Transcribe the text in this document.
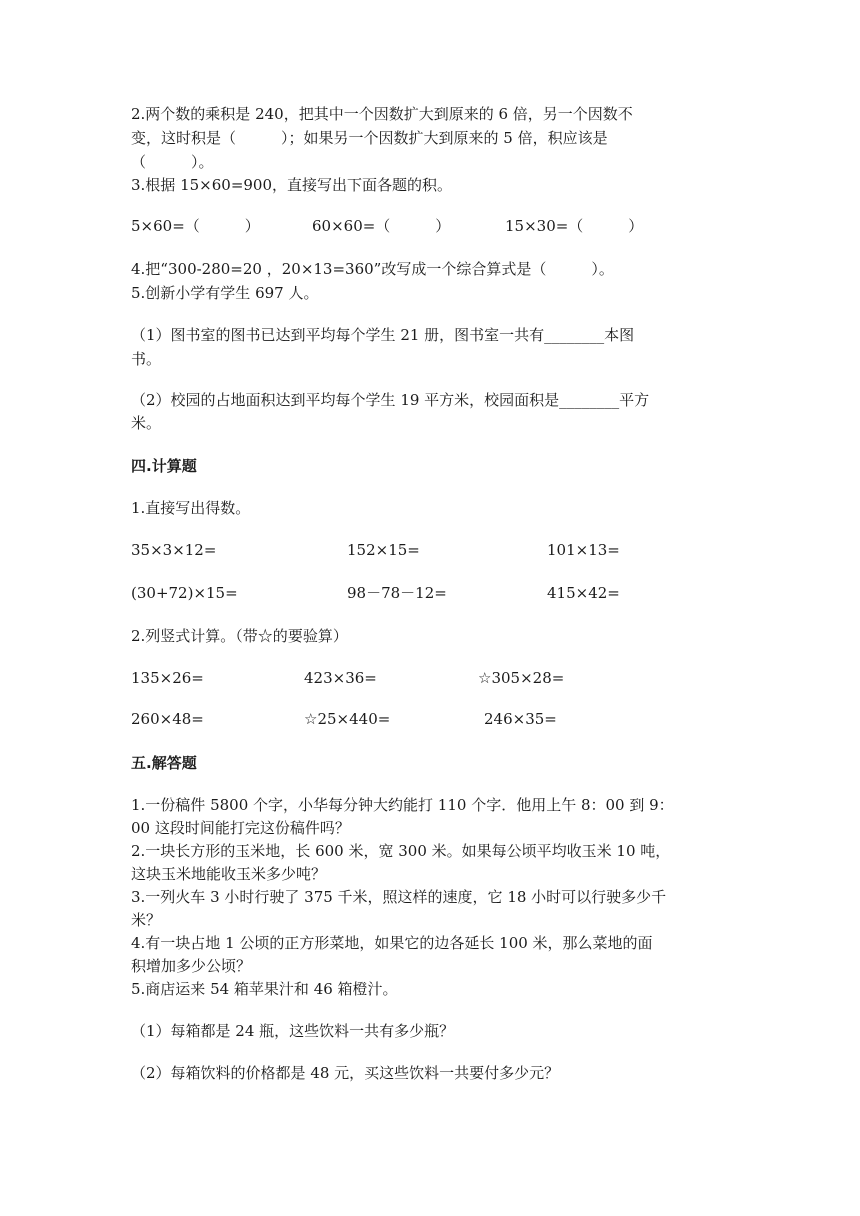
2.两个数的乘积是 240，把其中一个因数扩大到原来的 6 倍，另一个因数不
变，这时积是（　　　）；如果另一个因数扩大到原来的 5 倍，积应该是
（　　　）。
3.根据 15×60=900，直接写出下面各题的积。
5×60=（　　　）	60×60=（　　　）	15×30=（　　　）
4.把“300-280=20 ，20×13=360”改写成一个综合算式是（　　　）。
5.创新小学有学生 697 人。
（1）图书室的图书已达到平均每个学生 21 册，图书室一共有________本图
书。
（2）校园的占地面积达到平均每个学生 19 平方米，校园面积是________平方
米。
四.计算题
1.直接写出得数。
35×3×12=	152×15=	101×13=
(30+72)×15=	98－78－12=	415×42=
2.列竖式计算。（带☆的要验算）
135×26=	423×36=	☆305×28=
260×48=	☆25×440=	246×35=
五.解答题
1.一份稿件 5800 个字，小华每分钟大约能打 110 个字．他用上午 8：00 到 9：
00 这段时间能打完这份稿件吗？
2.一块长方形的玉米地，长 600 米，宽 300 米。如果每公顷平均收玉米 10 吨，
这块玉米地能收玉米多少吨？
3.一列火车 3 小时行驶了 375 千米，照这样的速度，它 18 小时可以行驶多少千
米？
4.有一块占地 1 公顷的正方形菜地，如果它的边各延长 100 米，那么菜地的面
积增加多少公顷？
5.商店运来 54 箱苹果汁和 46 箱橙汁。
（1）每箱都是 24 瓶，这些饮料一共有多少瓶？
（2）每箱饮料的价格都是 48 元，买这些饮料一共要付多少元？
